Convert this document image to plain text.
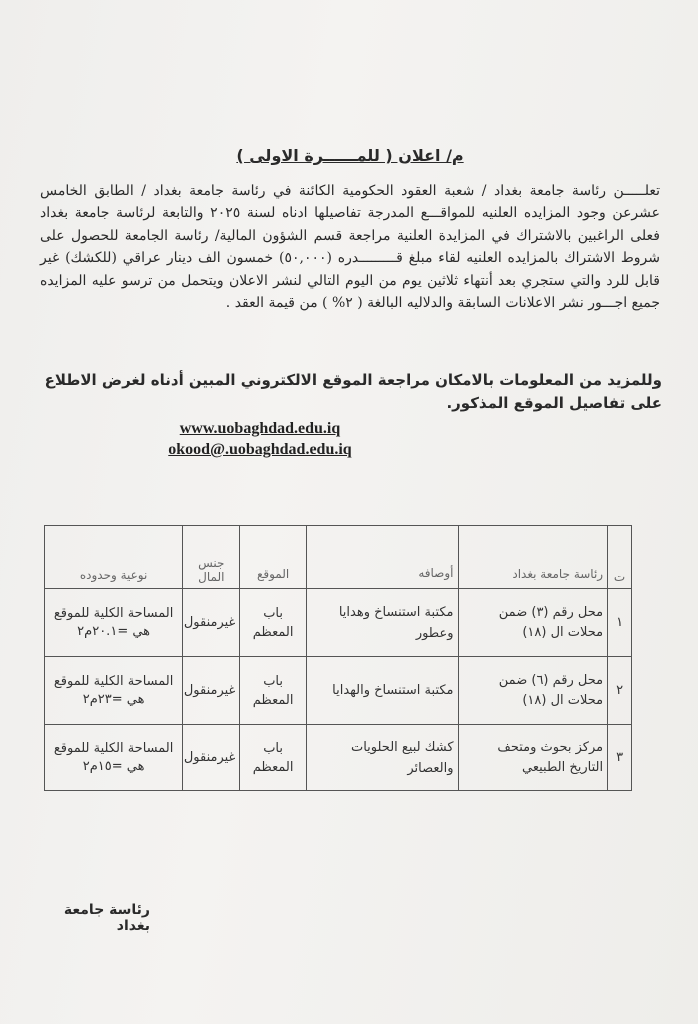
م/ اعلان ( للمــــــرة الاولى )
تعلـــــن رئاسة جامعة بغداد / شعبة العقود الحكومية الكائنة في رئاسة جامعة بغداد / الطابق الخامس عشرعن وجود المزايده العلنيه للمواقـــع المدرجة تفاصيلها ادناه لسنة ٢٠٢٥ والتابعة لرئاسة جامعة بغداد فعلى الراغبين بالاشتراك في المزايدة العلنية مراجعة قسم الشؤون المالية/ رئاسة الجامعة للحصول على شروط الاشتراك بالمزايده العلنيه لقاء مبلغ قـــــــــدره (٥٠,٠٠٠) خمسون الف دينار عراقي (للكشك) غير قابل للرد والتي ستجري بعد أنتهاء ثلاثين يوم من اليوم التالي لنشر الاعلان ويتحمل من ترسو عليه المزايده جميع اجـــور نشر الاعلانات السابقة والدلاليه البالغة ( ٢% ) من قيمة العقد .
وللمزيد من المعلومات بالامكان مراجعة الموقع الالكتروني المبين أدناه لغرض الاطلاع على تفاصيل الموقع المذكور.
www.uobaghdad.edu.iq
okood@.uobaghdad.edu.iq
ت	رئاسة جامعة بغداد	أوصافه	الموقع	جنس المال	نوعية وحدوده
١	محل رقم (٣) ضمن محلات ال (١٨)	مكتبة استنساخ وهدايا وعطور	باب المعظم	غيرمنقول	المساحة الكلية للموقع هي =٢٠.١م٢
٢	محل رقم (٦) ضمن محلات ال (١٨)	مكتبة استنساخ والهدايا	باب المعظم	غيرمنقول	المساحة الكلية للموقع هي =٢٣م٢
٣	مركز بحوث ومتحف التاريخ الطبيعي	كشك لبيع الحلويات والعصائر	باب المعظم	غيرمنقول	المساحة الكلية للموقع هي =١٥م٢
رئاسة جامعة بغداد
